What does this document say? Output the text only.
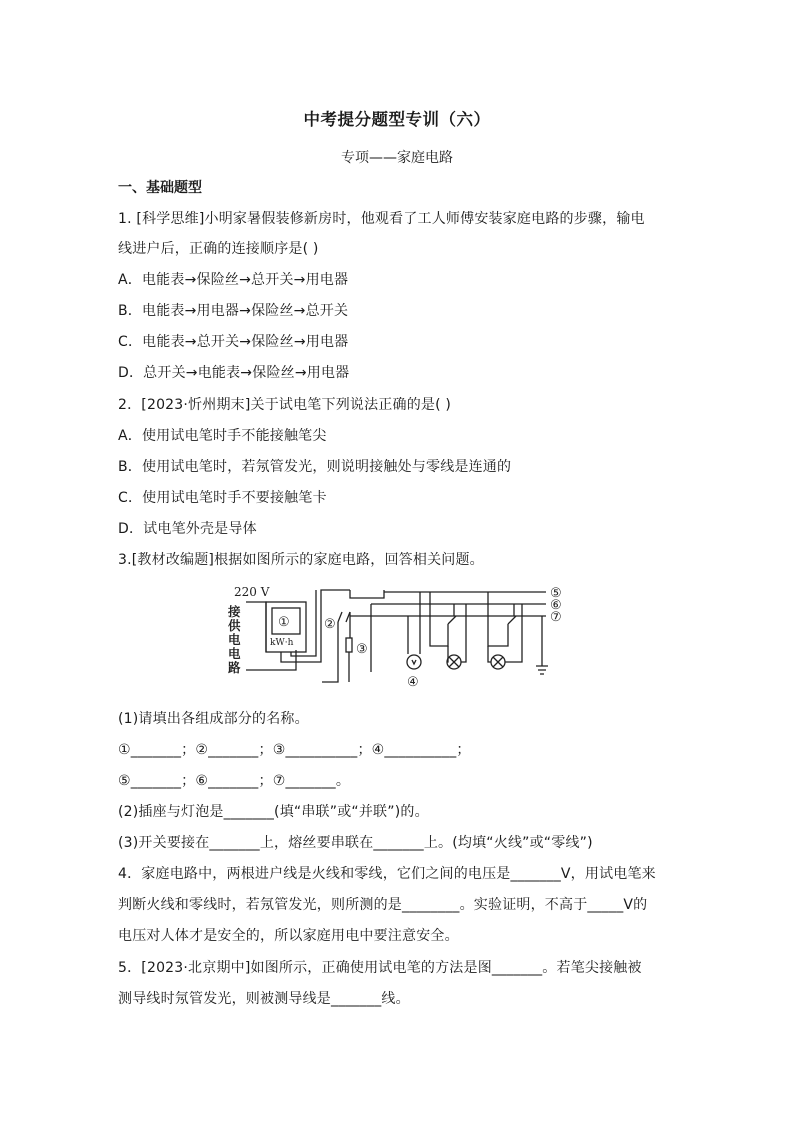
中考提分题型专训（六）
专项——家庭电路
一、基础题型
1. [科学思维]小明家暑假装修新房时，他观看了工人师傅安装家庭电路的步骤，输电
线进户后，正确的连接顺序是( )
A．电能表→保险丝→总开关→用电器
B．电能表→用电器→保险丝→总开关
C．电能表→总开关→保险丝→用电器
D．总开关→电能表→保险丝→用电器
2．[2023·忻州期末]关于试电笔下列说法正确的是( )
A．使用试电笔时手不能接触笔尖
B．使用试电笔时，若氖管发光，则说明接触处与零线是连通的
C．使用试电笔时手不要接触笔卡
D．试电笔外壳是导体
3.[教材改编题]根据如图所示的家庭电路，回答相关问题。
220 V
接
供
电
电
路
①
kW·h
②
③
⑤
⑥
⑦
④
(1)请填出各组成部分的名称。
①_______；②_______；③__________；④__________；
⑤_______；⑥_______；⑦_______。
(2)插座与灯泡是_______(填“串联”或“并联”)的。
(3)开关要接在_______上，熔丝要串联在_______上。(均填“火线”或“零线”)
4．家庭电路中，两根进户线是火线和零线，它们之间的电压是_______V，用试电笔来
判断火线和零线时，若氖管发光，则所测的是________。实验证明，不高于_____V的
电压对人体才是安全的，所以家庭用电中要注意安全。
5．[2023·北京期中]如图所示，正确使用试电笔的方法是图_______。若笔尖接触被
测导线时氖管发光，则被测导线是_______线。
